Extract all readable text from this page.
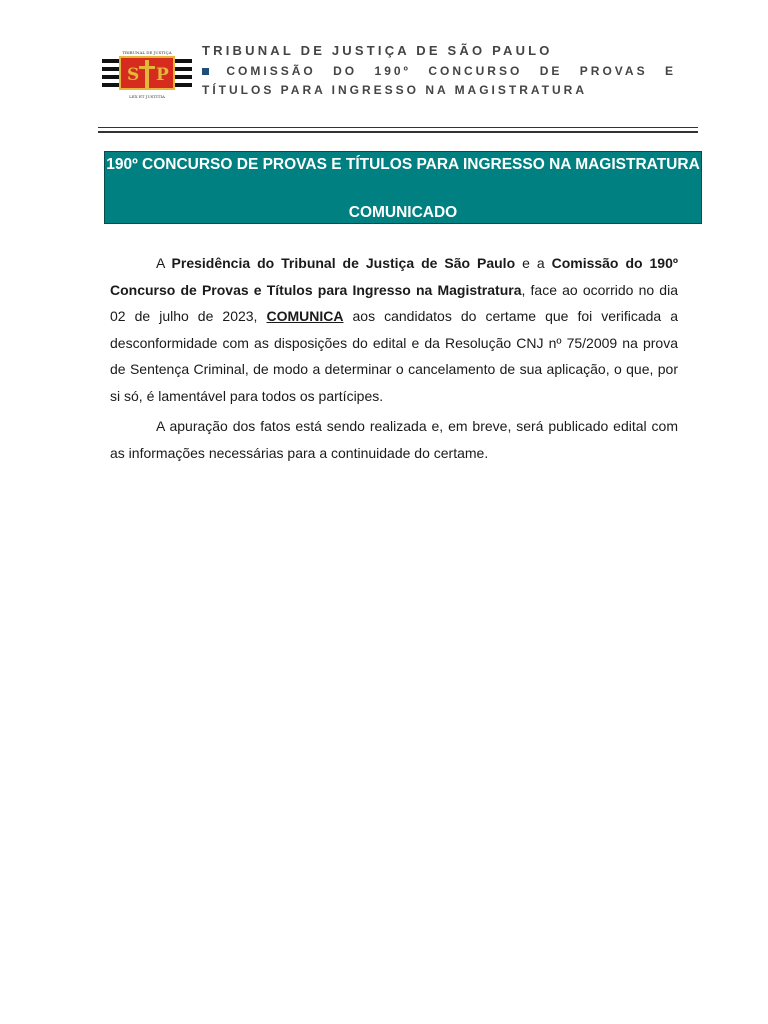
S P
TRIBUNAL DE JUSTIÇA
LEX ET JUSTITIA
TRIBUNAL DE JUSTIÇA DE SÃO PAULO
COMISSÃO DO 190º CONCURSO DE PROVAS E
TÍTULOS PARA INGRESSO NA MAGISTRATURA
190º CONCURSO DE PROVAS E TÍTULOS PARA INGRESSO NA MAGISTRATURA
COMUNICADO

A Presidência do Tribunal de Justiça de São Paulo e a Comissão do 190º Concurso de Provas e Títulos para Ingresso na Magistratura, face ao ocorrido no dia 02 de julho de 2023, COMUNICA aos candidatos do certame que foi verificada a desconformidade com as disposições do edital e da Resolução CNJ nº 75/2009 na prova de Sentença Criminal, de modo a determinar o cancelamento de sua aplicação, o que, por si só, é lamentável para todos os partícipes.

A apuração dos fatos está sendo realizada e, em breve, será publicado edital com as informações necessárias para a continuidade do certame.
